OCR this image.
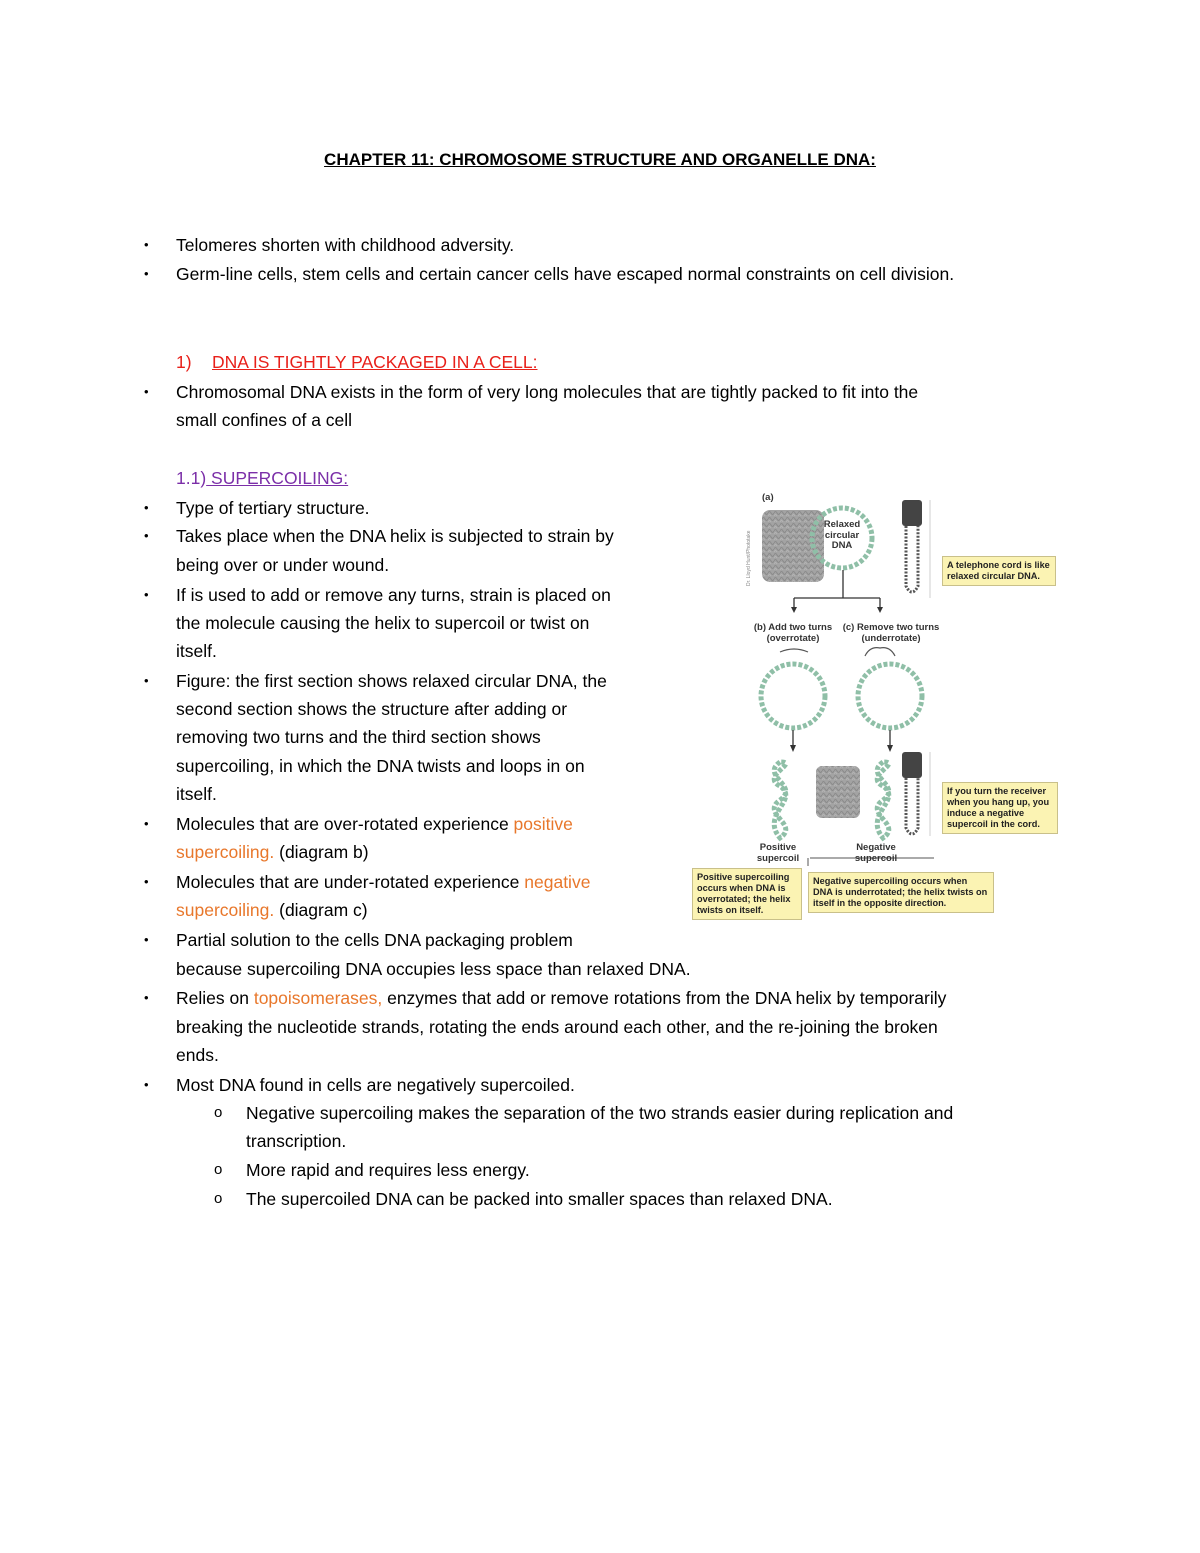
CHAPTER 11: CHROMOSOME STRUCTURE AND ORGANELLE DNA:
• Telomeres shorten with childhood adversity.
• Germ-line cells, stem cells and certain cancer cells have escaped normal constraints on cell division.
1) DNA IS TIGHTLY PACKAGED IN A CELL:
• Chromosomal DNA exists in the form of very long molecules that are tightly packed to fit into the
small confines of a cell
1.1) SUPERCOILING:
• Type of tertiary structure.
• Takes place when the DNA helix is subjected to strain by
being over or under wound.
• If is used to add or remove any turns, strain is placed on
the molecule causing the helix to supercoil or twist on
itself.
• Figure: the first section shows relaxed circular DNA, the
second section shows the structure after adding or
removing two turns and the third section shows
supercoiling, in which the DNA twists and loops in on
itself.
• Molecules that are over-rotated experience positive
supercoiling. (diagram b)
• Molecules that are under-rotated experience negative
supercoiling. (diagram c)
• Partial solution to the cells DNA packaging problem
because supercoiling DNA occupies less space than relaxed DNA.
• Relies on topoisomerases, enzymes that add or remove rotations from the DNA helix by temporarily
breaking the nucleotide strands, rotating the ends around each other, and the re-joining the broken
ends.
• Most DNA found in cells are negatively supercoiled.
o Negative supercoiling makes the separation of the two strands easier during replication and
transcription.
o More rapid and requires less energy.
o The supercoiled DNA can be packed into smaller spaces than relaxed DNA.
(a)
Relaxed
circular
DNA
A telephone cord is like relaxed circular DNA.
(b) Add two turns
(overrotate)
(c) Remove two turns
(underrotate)
If you turn the receiver when you hang up, you induce a negative supercoil in the cord.
Positive
supercoil
Negative
supercoil
Positive supercoiling occurs when DNA is overrotated; the helix twists on itself.
Negative supercoiling occurs when DNA is underrotated; the helix twists on itself in the opposite direction.
Dr. Lloyd Hunt/Phototake
